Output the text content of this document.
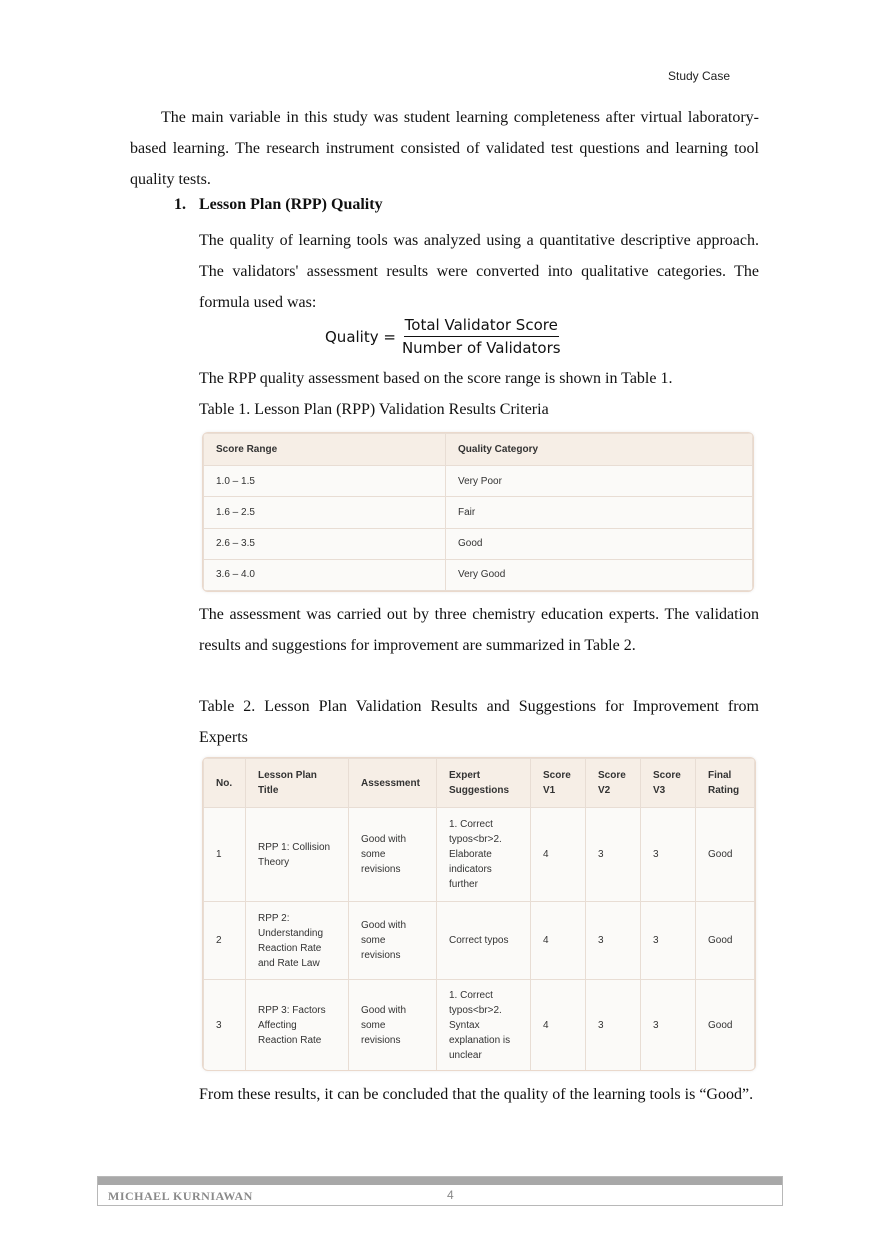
Study Case
The main variable in this study was student learning completeness after virtual laboratory-based learning. The research instrument consisted of validated test questions and learning tool quality tests.
1. Lesson Plan (RPP) Quality
The quality of learning tools was analyzed using a quantitative descriptive approach. The validators' assessment results were converted into qualitative categories. The formula used was:
Quality = $\frac{\text{Total Validator Score}}{\text{Number of Validators}}$
The RPP quality assessment based on the score range is shown in Table 1.
Table 1. Lesson Plan (RPP) Validation Results Criteria
Score Range	Quality Category
1.0 – 1.5	Very Poor
1.6 – 2.5	Fair
2.6 – 3.5	Good
3.6 – 4.0	Very Good
The assessment was carried out by three chemistry education experts. The validation results and suggestions for improvement are summarized in Table 2.
Table 2. Lesson Plan Validation Results and Suggestions for Improvement from Experts
No.	Lesson Plan Title	Assessment	Expert Suggestions	Score V1	Score V2	Score V3	Final Rating
1	RPP 1: Collision Theory	Good with some revisions	1. Correct typos<br>2. Elaborate indicators further	4	3	3	Good
2	RPP 2: Understanding Reaction Rate and Rate Law	Good with some revisions	Correct typos	4	3	3	Good
3	RPP 3: Factors Affecting Reaction Rate	Good with some revisions	1. Correct typos<br>2. Syntax explanation is unclear	4	3	3	Good
From these results, it can be concluded that the quality of the learning tools is “Good”.
MICHAEL KURNIAWAN	4
